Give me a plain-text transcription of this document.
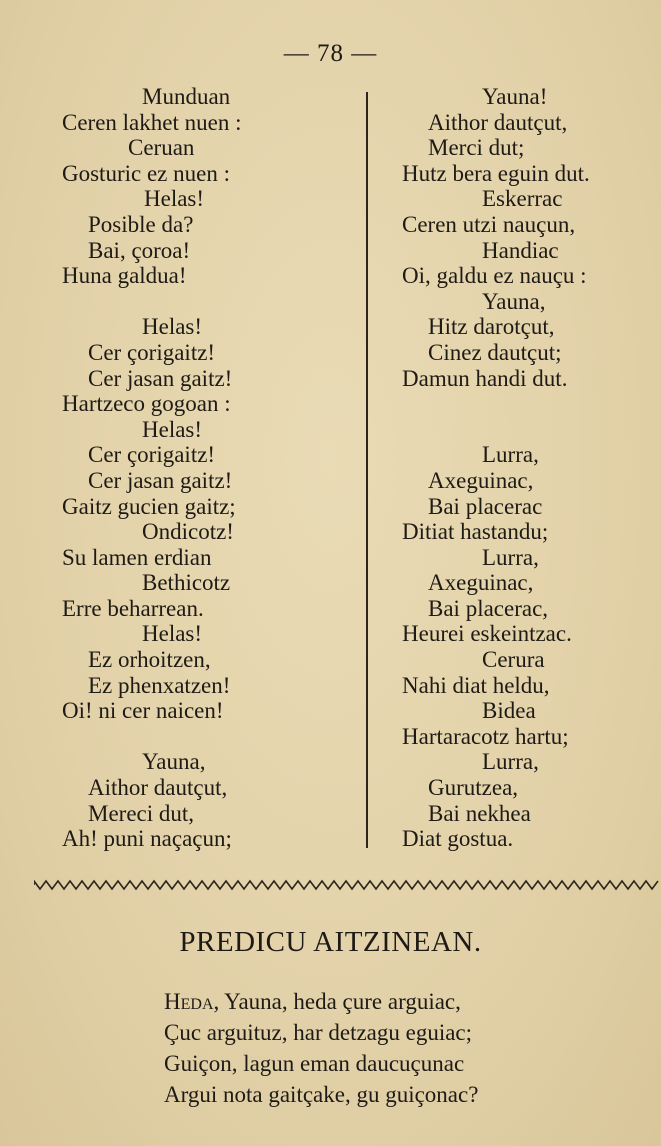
— 78 —
Munduan
Ceren lakhet nuen :
Ceruan
Gosturic ez nuen :
Helas!
Posible da?
Bai, çoroa!
Huna galdua!
Helas!
Cer çorigaitz!
Cer jasan gaitz!
Hartzeco gogoan :
Helas!
Cer çorigaitz!
Cer jasan gaitz!
Gaitz gucien gaitz;
Ondicotz!
Su lamen erdian
Bethicotz
Erre beharrean.
Helas!
Ez orhoitzen,
Ez phenxatzen!
Oi! ni cer naicen!
Yauna,
Aithor dautçut,
Mereci dut,
Ah! puni naçaçun;
Yauna!
Aithor dautçut,
Merci dut;
Hutz bera eguin dut.
Eskerrac
Ceren utzi nauçun,
Handiac
Oi, galdu ez nauçu :
Yauna,
Hitz darotçut,
Cinez dautçut;
Damun handi dut.
Lurra,
Axeguinac,
Bai placerac
Ditiat hastandu;
Lurra,
Axeguinac,
Bai placerac,
Heurei eskeintzac.
Cerura
Nahi diat heldu,
Bidea
Hartaracotz hartu;
Lurra,
Gurutzea,
Bai nekhea
Diat gostua.
PREDICU AITZINEAN.
Heda, Yauna, heda çure arguiac,
Çuc arguituz, har detzagu eguiac;
Guiçon, lagun eman daucuçunac
Argui nota gaitçake, gu guiçonac?
